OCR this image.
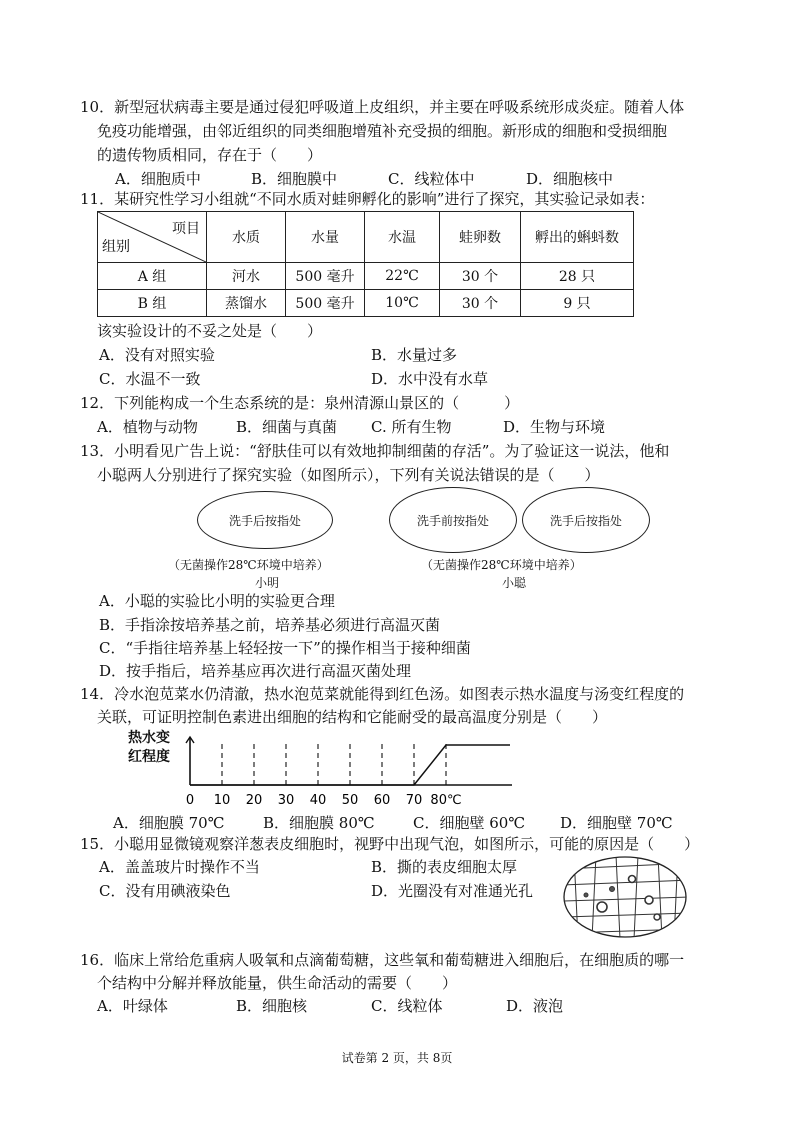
10．新型冠状病毒主要是通过侵犯呼吸道上皮组织，并主要在呼吸系统形成炎症。随着人体
免疫功能增强，由邻近组织的同类细胞增殖补充受损的细胞。新形成的细胞和受损细胞
的遗传物质相同，存在于（　　）
A．细胞质中	B．细胞膜中	C．线粒体中	D．细胞核中
11．某研究性学习小组就“不同水质对蛙卵孵化的影响”进行了探究，其实验记录如表：
项目
组别	水质	水量	水温	蛙卵数	孵出的蝌蚪数
A 组	河水	500 毫升	22℃	30 个	28 只
B 组	蒸馏水	500 毫升	10℃	30 个	9 只
该实验设计的不妥之处是（　　）
A．没有对照实验	B．水量过多
C．水温不一致	D．水中没有水草
12．下列能构成一个生态系统的是：泉州清源山景区的（　　　）
A．植物与动物	B．细菌与真菌 C. 所有生物	D．生物与环境
13．小明看见广告上说：“舒肤佳可以有效地抑制细菌的存活”。为了验证这一说法，他和
小聪两人分别进行了探究实验（如图所示），下列有关说法错误的是（　　）
洗手后按指处	洗手前按指处	洗手后按指处
（无菌操作28℃环境中培养）
小明
（无菌操作28℃环境中培养）
小聪
A．小聪的实验比小明的实验更合理
B．手指涂按培养基之前，培养基必须进行高温灭菌
C．“手指往培养基上轻轻按一下”的操作相当于接种细菌
D．按手指后，培养基应再次进行高温灭菌处理
14．冷水泡苋菜水仍清澈，热水泡苋菜就能得到红色汤。如图表示热水温度与汤变红程度的
关联，可证明控制色素进出细胞的结构和它能耐受的最高温度分别是（　　）
热水变
红程度
0 10 20 30 40 50 60 70 80℃
A．细胞膜 70℃	B．细胞膜 80℃	C．细胞壁 60℃ D．细胞壁 70℃
15．小聪用显微镜观察洋葱表皮细胞时，视野中出现气泡，如图所示，可能的原因是（　　）
A．盖盖玻片时操作不当	B．撕的表皮细胞太厚
C．没有用碘液染色	D．光圈没有对准通光孔
16．临床上常给危重病人吸氧和点滴葡萄糖，这些氧和葡萄糖进入细胞后，在细胞质的哪一
个结构中分解并释放能量，供生命活动的需要（　　）
A．叶绿体	B．细胞核	C．线粒体	D．液泡
试卷第 2 页，共 8页
